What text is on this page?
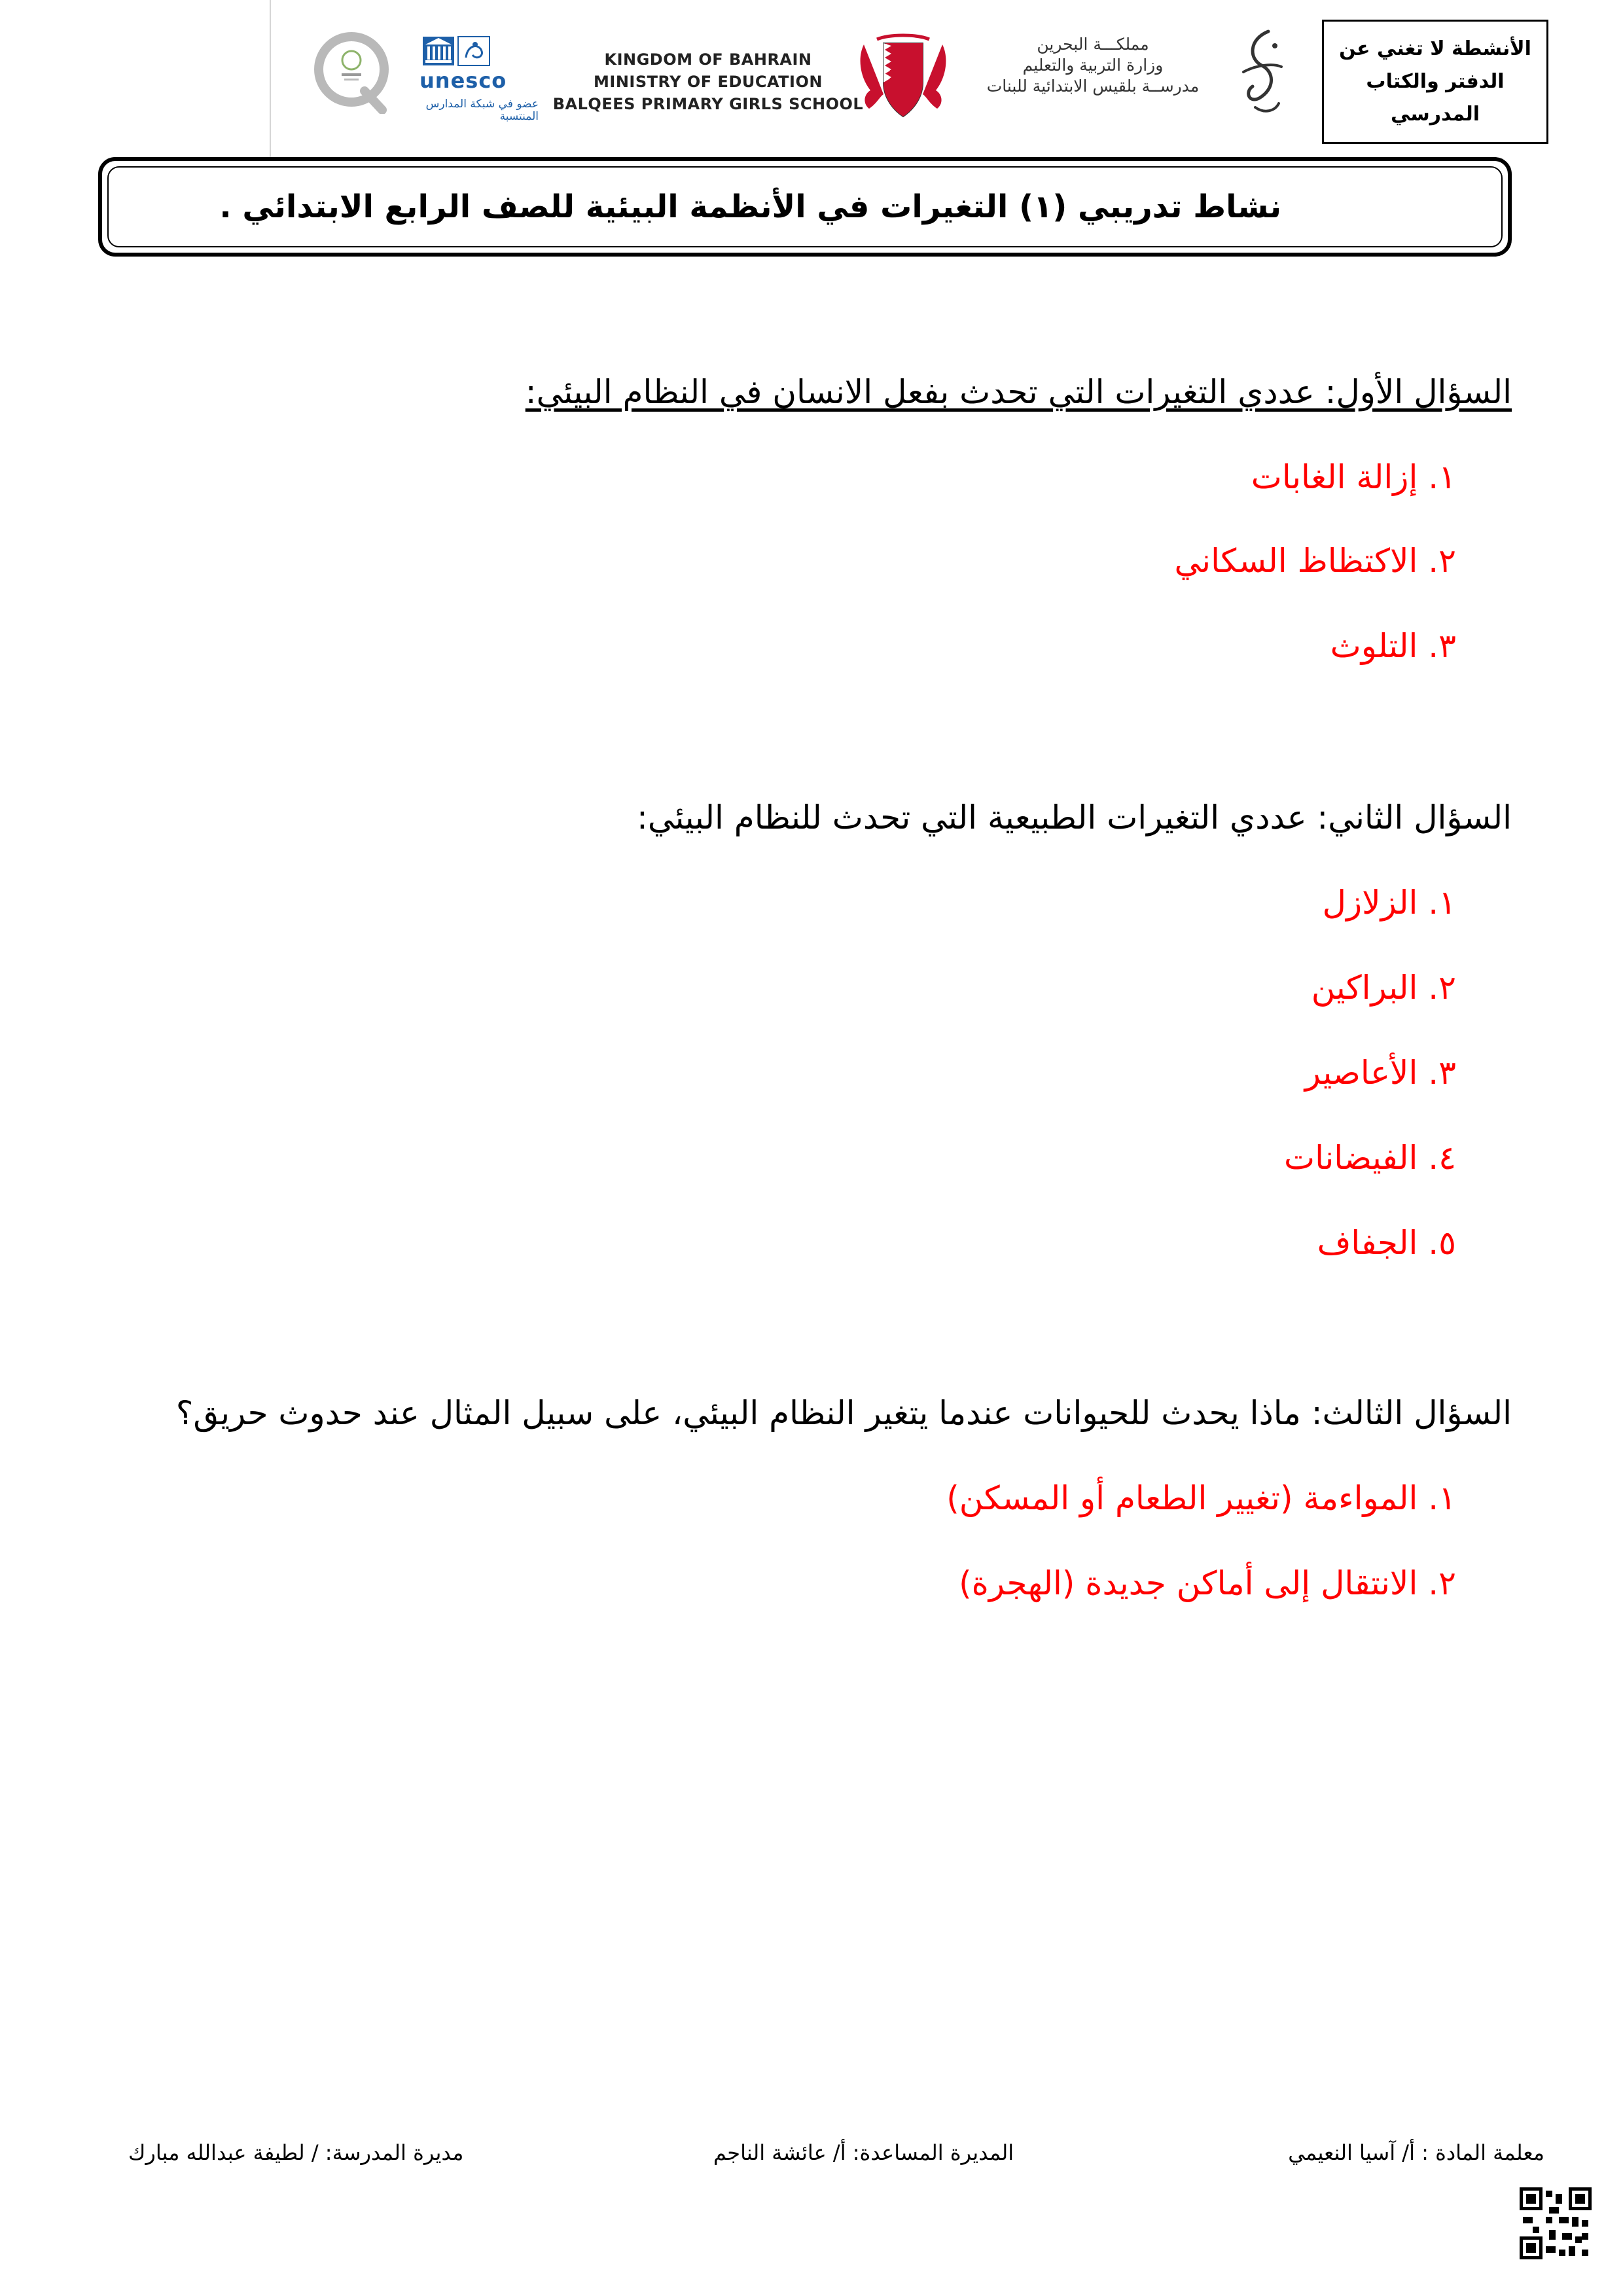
unesco
عضو في شبكة المدارس المنتسبة
KINGDOM OF BAHRAIN
MINISTRY OF EDUCATION
BALQEES PRIMARY GIRLS SCHOOL
مملكـــة البحرين
وزارة التربية والتعليم
مدرســة بلقيس الابتدائية للبنات
الأنشطة لا تغني عن
الدفتر والكتاب
المدرسي
نشاط تدريبي (١) التغيرات في الأنظمة البيئية للصف الرابع الابتدائي .
السؤال الأول: عددي التغيرات التي تحدث بفعل الانسان في النظام البيئي:
١. إزالة الغابات
٢. الاكتظاظ السكاني
٣. التلوث
السؤال الثاني: عددي التغيرات الطبيعية التي تحدث للنظام البيئي:
١. الزلازل
٢. البراكين
٣. الأعاصير
٤. الفيضانات
٥. الجفاف
السؤال الثالث: ماذا يحدث للحيوانات عندما يتغير النظام البيئي، على سبيل المثال عند حدوث حريق؟
١. المواءمة (تغيير الطعام أو المسكن)
٢. الانتقال إلى أماكن جديدة (الهجرة)
معلمة المادة : أ/ آسيا النعيمي
المديرة المساعدة: أ/ عائشة الناجم
مديرة المدرسة: / لطيفة عبدالله مبارك
